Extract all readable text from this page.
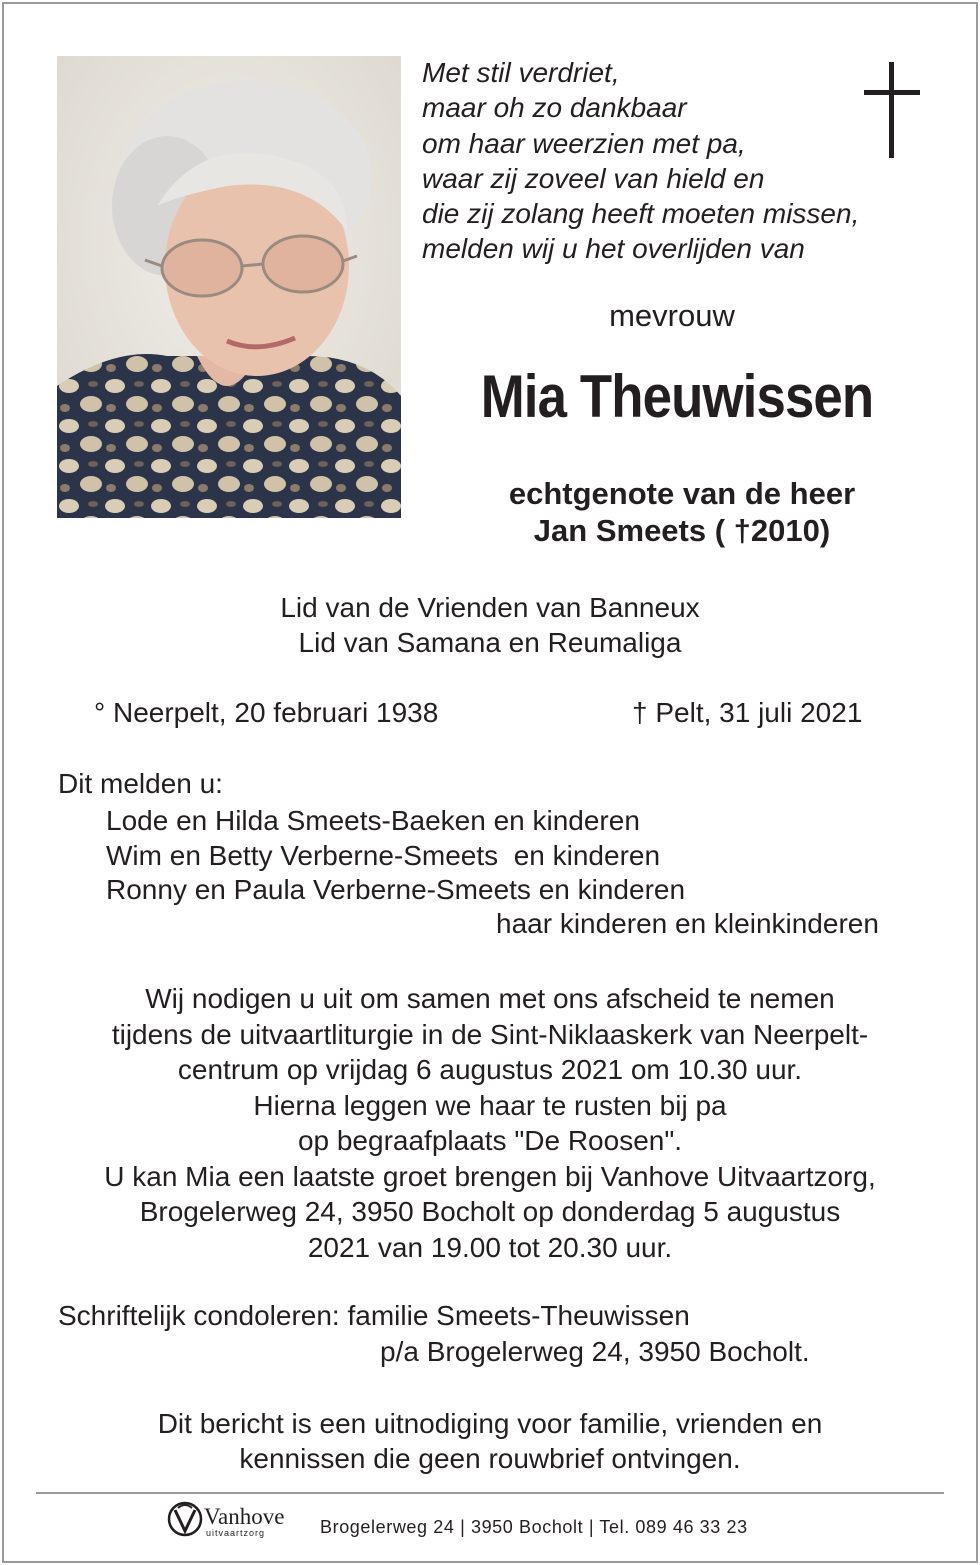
Met stil verdriet,
maar oh zo dankbaar
om haar weerzien met pa,
waar zij zoveel van hield en
die zij zolang heeft moeten missen,
melden wij u het overlijden van
mevrouw
Mia Theuwissen
echtgenote van de heer
Jan Smeets ( †2010)
Lid van de Vrienden van Banneux
Lid van Samana en Reumaliga
° Neerpelt, 20 februari 1938	† Pelt, 31 juli 2021
Dit melden u:
Lode en Hilda Smeets-Baeken en kinderen
Wim en Betty Verberne-Smeets  en kinderen
Ronny en Paula Verberne-Smeets en kinderen
haar kinderen en kleinkinderen
Wij nodigen u uit om samen met ons afscheid te nemen
tijdens de uitvaartliturgie in de Sint-Niklaaskerk van Neerpelt-
centrum op vrijdag 6 augustus 2021 om 10.30 uur.
Hierna leggen we haar te rusten bij pa
op begraafplaats "De Roosen".
U kan Mia een laatste groet brengen bij Vanhove Uitvaartzorg,
Brogelerweg 24, 3950 Bocholt op donderdag 5 augustus
2021 van 19.00 tot 20.30 uur.
Schriftelijk condoleren: familie Smeets-Theuwissen
p/a Brogelerweg 24, 3950 Bocholt.
Dit bericht is een uitnodiging voor familie, vrienden en
kennissen die geen rouwbrief ontvingen.
Vanhove
uitvaartzorg	Brogelerweg 24 | 3950 Bocholt | Tel. 089 46 33 23
